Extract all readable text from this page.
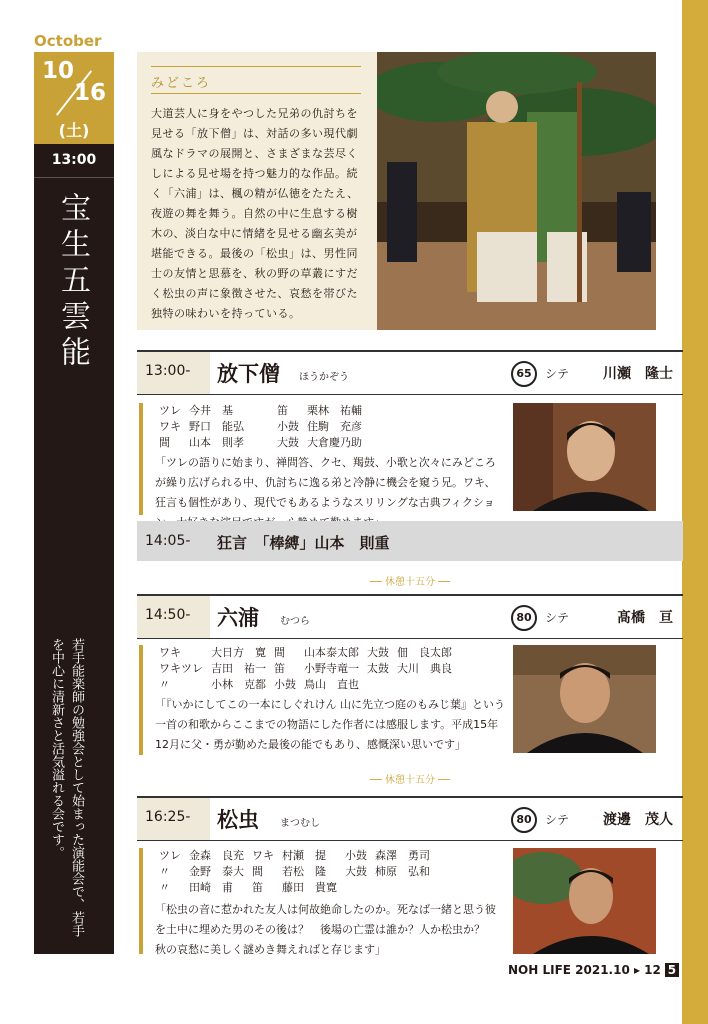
October
10
16
(土)
13:00
宝生五雲能
若手能楽師の勉強会として始まった演能会で、若手を中心に清新さと活気溢れる会です。
みどころ
大道芸人に身をやつした兄弟の仇討ちを見せる「放下僧」は、対話の多い現代劇風なドラマの展開と、さまざまな芸尽くしによる見せ場を持つ魅力的な作品。続く「六浦」は、楓の精が仏徳をたたえ、夜遊の舞を舞う。自然の中に生息する樹木の、淡白な中に情緒を見せる幽玄美が堪能できる。最後の「松虫」は、男性同士の友情と思慕を、秋の野の草叢にすだく松虫の声に象徴させた、哀愁を帯びた独特の味わいを持っている。
13:00-	放下僧 ほうかぞう	65	シテ 川瀬　隆士
ツレ	今井　基	笛	栗林　祐輔
ワキ	野口　能弘	小鼓	住駒　充彦
間	山本　則孝	大鼓	大倉慶乃助
「ツレの語りに始まり、禅問答、クセ、羯鼓、小歌と次々にみどころが繰り広げられる中、仇討ちに逸る弟と冷静に機会を窺う兄。ワキ、狂言も個性があり、現代でもあるようなスリリングな古典フィクショ
14:05- 狂言　「棒縛」山本　則重
── 休憩十五分 ──
14:50-	六浦 むつら	80	シテ	髙橋　亘
ワキ	大日方　寛	間	山本泰太郎	大鼓	佃　良太郎
ワキツレ	吉田　祐一	笛	小野寺竜一	太鼓	大川　典良
〃	小林　克都	小鼓	鳥山　直也		
「『いかにしてこの一本にしぐれけん 山に先立つ庭のもみじ葉』という一首の和歌からここまでの物語にした作者には感服します。平成15年12月に父・勇が勤めた最後の能でもあり、感慨深い思いです」
── 休憩十五分 ──
16:25-	松虫 まつむし	80	シテ 渡邊　茂人
ツレ	金森　良充	ワキ	村瀬　提	小鼓	森澤　勇司
〃	金野　泰大	間	若松　隆	大鼓	柿原　弘和
〃	田崎　甫	笛	藤田　貴寛		
「松虫の音に惹かれた友人は何故絶命したのか。死なば一緒と思う彼を土中に埋めた男のその後は？　後場の亡霊は誰か？人か松虫か？　秋の哀愁に美しく謎めき舞えればと存じます」
NOH LIFE 2021.10 ▸ 12 5
